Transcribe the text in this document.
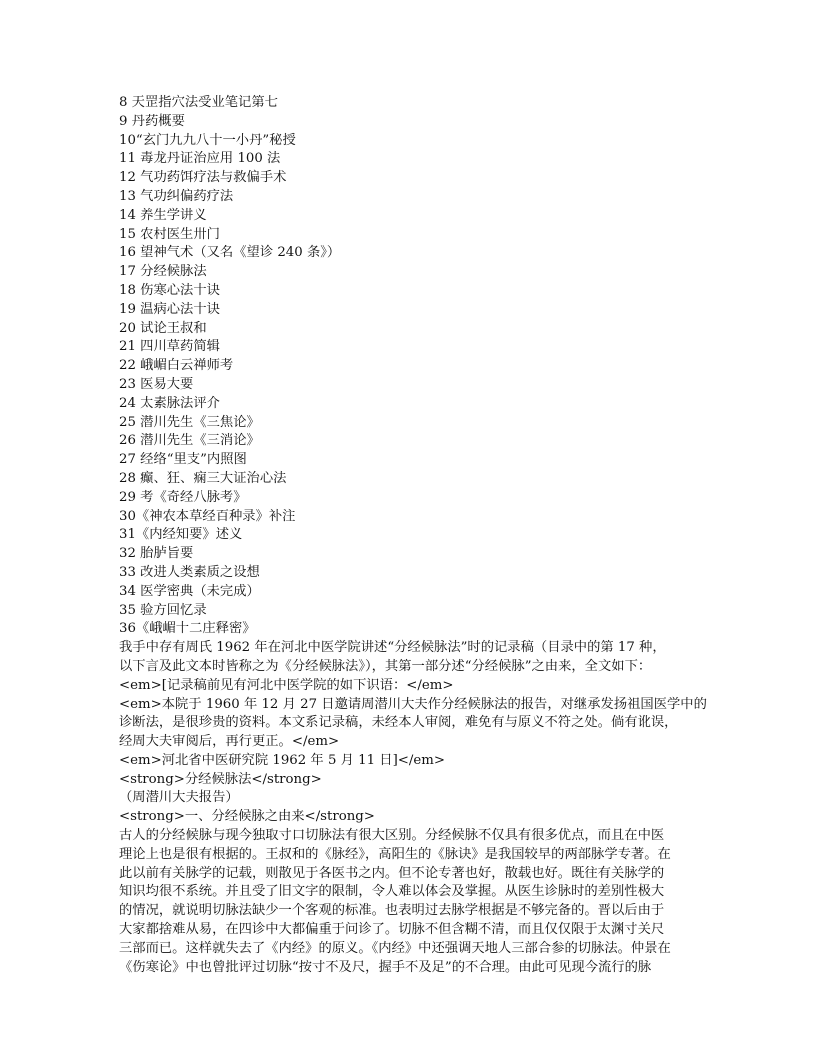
8 天罡指穴法受业笔记第七
9 丹药概要
10“玄门九九八十一小丹”秘授
11 毒龙丹证治应用 100 法
12 气功药饵疗法与救偏手术
13 气功纠偏药疗法
14 养生学讲义
15 农村医生卅门
16 望神气术（又名《望诊 240 条》）
17 分经候脉法
18 伤寒心法十诀
19 温病心法十诀
20 试论王叔和
21 四川草药简辑
22 峨嵋白云禅师考
23 医易大要
24 太素脉法评介
25 潜川先生《三焦论》
26 潜川先生《三消论》
27 经络“里支”内照图
28 癫、狂、痫三大证治心法
29 考《奇经八脉考》
30《神农本草经百种录》补注
31《内经知要》述义
32 胎胪旨要
33 改进人类素质之设想
34 医学密典（未完成）
35 验方回忆录
36《峨嵋十二庄释密》
我手中存有周氏 1962 年在河北中医学院讲述“分经候脉法”时的记录稿（目录中的第 17 种，
以下言及此文本时皆称之为《分经候脉法》），其第一部分述“分经候脉”之由来，全文如下：
<em>[记录稿前见有河北中医学院的如下识语：</em>
<em>本院于 1960 年 12 月 27 日邀请周潜川大夫作分经候脉法的报告，对继承发扬祖国医学中的
诊断法，是很珍贵的资料。本文系记录稿，未经本人审阅，难免有与原义不符之处。倘有讹误，
经周大夫审阅后，再行更正。</em>
<em>河北省中医研究院 1962 年 5 月 11 日]</em>
<strong>分经候脉法</strong>
（周潜川大夫报告）
<strong>一、分经候脉之由来</strong>
古人的分经候脉与现今独取寸口切脉法有很大区别。分经候脉不仅具有很多优点，而且在中医
理论上也是很有根据的。王叔和的《脉经》，高阳生的《脉诀》是我国较早的两部脉学专著。在
此以前有关脉学的记载，则散见于各医书之内。但不论专著也好，散载也好。既往有关脉学的
知识均很不系统。并且受了旧文字的限制，令人难以体会及掌握。从医生诊脉时的差别性极大
的情况，就说明切脉法缺少一个客观的标准。也表明过去脉学根据是不够完备的。晋以后由于
大家都捨难从易，在四诊中大都偏重于问诊了。切脉不但含糊不清，而且仅仅限于太渊寸关尺
三部而已。这样就失去了《内经》的原义。《内经》中还强调天地人三部合参的切脉法。仲景在
《伤寒论》中也曾批评过切脉“按寸不及尺，握手不及足”的不合理。由此可见现今流行的脉
